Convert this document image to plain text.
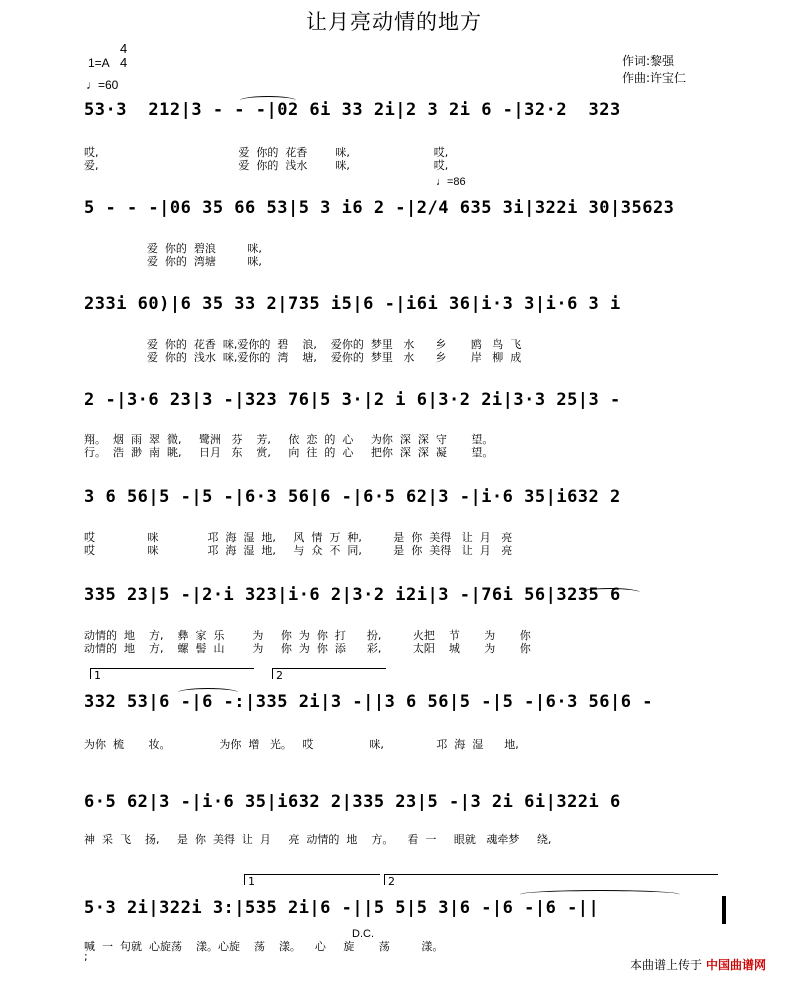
让月亮动情的地方
1=A
4
4
♩=60
♩=86
作词:黎强
作曲:许宝仁
53·3  212|3 - - -|02 6i 33 2i|2 3 2i 6 -|32·2  323
哎,                                        爱  你的  花香        咪,                        哎,
爱,                                        爱  你的  浅水        咪,                        哎,
5 - - -|06 35 66 53|5 3 i6 2 -|2/4 635 3i|322i 30|35623
爱  你的  碧浪         咪,
爱  你的  湾塘         咪,
233i 60)|6 35 33 2|735 i5|6 -|i6i 36|i·3 3|i·6 3 i
爱  你的  花香  咪,爱你的  碧    浪,    爱你的  梦里   水      乡       鸥   鸟  飞
爱  你的  浅水  咪,爱你的  湾    塘,    爱你的  梦里   水      乡       岸   柳  成
2 -|3·6 23|3 -|323 76|5 3·|2 i 6|3·2 2i|3·3 25|3 -
翔。  烟  雨  翠  微,     鹭洲   芬    芳,     依  恋  的  心     为你  深  深  守       望。
行。  浩  渺  南  眺,     日月   东    赏,     向  往  的  心     把你  深  深  凝       望。
3 6 56|5 -|5 -|6·3 56|6 -|6·5 62|3 -|i·6 35|i632 2
哎               咪              邛  海  湿  地,     风  情  万  种,         是  你  美得   让  月   亮
哎               咪              邛  海  湿  地,     与  众  不  同,         是  你  美得   让  月   亮
335 23|5 -|2·i 323|i·6 2|3·2 i2i|3 -|76i 56|3235 6
动情的  地    方,    彝  家  乐        为     你  为  你  打      扮,         火把    节       为       你
动情的  地    方,    螺  髻  山        为     你  为  你  添      彩,         太阳    城       为       你
1	2
332 53|6 -|6 -:|335 2i|3 -||3 6 56|5 -|5 -|6·3 56|6 -
为你  梳       妆。              为你  增   光。   哎                咪,               邛  海  湿      地,
6·5 62|3 -|i·6 35|i632 2|335 23|5 -|3 2i 6i|322i 6
神  采  飞    扬,     是  你  美得  让  月     亮  动情的  地    方。    看  一     眼就   魂牵梦     绕,
1	2
5·3 2i|322i 3:|535 2i|6 -||5 5|5 3|6 -|6 -|6 -||
D.C.
喊  一  句就  心旋荡    漾。心旋    荡    漾。    心     旋       荡         漾。
;
本曲谱上传于 中国曲谱网
